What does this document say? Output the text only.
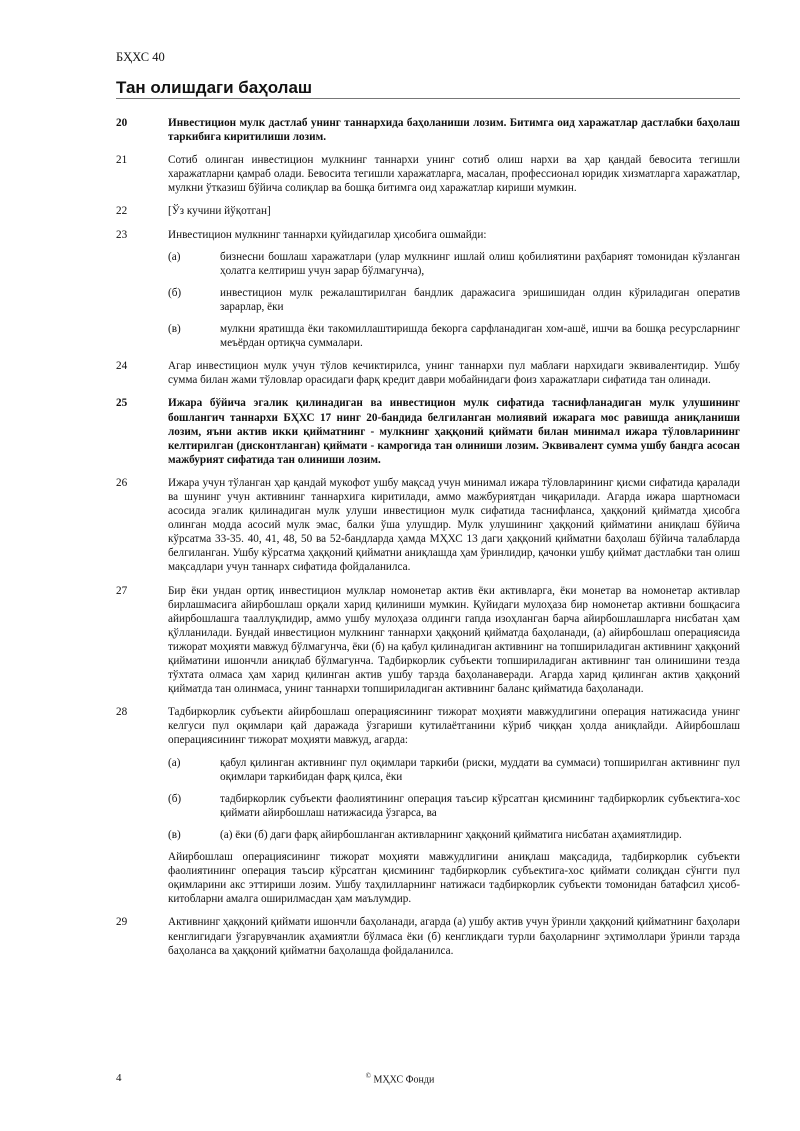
БҲХС 40
Тан олишдаги баҳолаш
20	Инвестицион мулк дастлаб унинг таннархида баҳоланиши лозим. Битимга оид харажатлар дастлабки баҳолаш таркибига киритилиши лозим.
21	Сотиб олинган инвестицион мулкнинг таннархи унинг сотиб олиш нархи ва ҳар қандай бевосита тегишли харажатларни қамраб олади. Бевосита тегишли харажатларга, масалан, профессионал юридик хизматларга харажатлар, мулкни ўтказиш бўйича солиқлар ва бошқа битимга оид харажатлар кириши мумкин.
22	[Ўз кучини йўқотган]
23	Инвестицион мулкнинг таннархи қуйидагилар ҳисобига ошмайди:
(а)	бизнесни бошлаш харажатлари (улар мулкнинг ишлай олиш қобилиятини раҳбарият томонидан кўзланган ҳолатга келтириш учун зарар бўлмагунча),
(б)	инвестицион мулк режалаштирилган бандлик даражасига эришишидан олдин кўриладиган оператив зарарлар, ёки
(в)	мулкни яратишда ёки такомиллаштиришда бекорга сарфланадиган хом-ашё, ишчи ва бошқа ресурсларнинг меъёрдан ортиқча суммалари.
24	Агар инвестицион мулк учун тўлов кечиктирилса, унинг таннархи пул маблағи нархидаги эквивалентидир. Ушбу сумма билан жами тўловлар орасидаги фарқ кредит даври мобайнидаги фоиз харажатлари сифатида тан олинади.
25	Ижара бўйича эгалик қилинадиган ва инвестицион мулк сифатида таснифланадиган мулк улушининг бошлангич таннархи БҲХС 17 нинг 20-бандида белгиланган молиявий ижарага мос равишда аниқланиши лозим, яъни актив икки қийматнинг - мулкнинг ҳаққоний қиймати билан минимал ижара тўловларининг келтирилган (дисконтланган) қиймати - камрогида тан олиниши лозим. Эквивалент сумма ушбу бандга асосан мажбурият сифатида тан олиниши лозим.
26	Ижара учун тўланган ҳар қандай мукофот ушбу мақсад учун минимал ижара тўловларининг қисми сифатида қаралади ва шунинг учун активнинг таннархига киритилади, аммо мажбуриятдан чиқарилади. Агарда ижара шартномаси асосида эгалик қилинадиган мулк улуши инвестицион мулк сифатида таснифланса, ҳаққоний қийматда ҳисобга олинган модда асосий мулк эмас, балки ўша улушдир. Мулк улушининг ҳаққоний қийматини аниқлаш бўйича кўрсатма 33-35. 40, 41, 48, 50 ва 52-бандларда ҳамда МҲХС 13 даги ҳаққоний қийматни баҳолаш бўйича талабларда белгиланган. Ушбу кўрсатма ҳаққоний қийматни аниқлашда ҳам ўринлидир, қачонки ушбу қиймат дастлабки тан олиш мақсадлари учун таннарх сифатида фойдаланилса.
27	Бир ёки ундан ортиқ инвестицион мулклар номонетар актив ёки активларга, ёки монетар ва номонетар активлар бирлашмасига айирбошлаш орқали харид қилиниши мумкин. Қуйидаги мулоҳаза бир номонетар активни бошқасига айирбошлашга тааллуқлидир, аммо ушбу мулоҳаза олдинги гапда изоҳланган барча айирбошлашларга нисбатан ҳам қўлланилади. Бундай инвестицион мулкнинг таннархи ҳаққоний қийматда баҳоланади, (а) айирбошлаш операциясида тижорат моҳияти мавжуд бўлмагунча, ёки (б) на қабул қилинадиган активнинг на топшириладиган активнинг ҳаққоний қийматини ишончли аниқлаб бўлмагунча. Тадбиркорлик субъекти топшириладиган активнинг тан олинишини тезда тўхтата олмаса ҳам харид қилинган актив ушбу тарзда баҳоланаверади. Агарда харид қилинган актив ҳаққоний қийматда тан олинмаса, унинг таннархи топшириладиган активнинг баланс қийматида баҳоланади.
28	Тадбиркорлик субъекти айирбошлаш операциясининг тижорат моҳияти мавжудлигини операция натижасида унинг келгуси пул оқимлари қай даражада ўзгариши кутилаётганини кўриб чиққан ҳолда аниқлайди. Айирбошлаш операциясининг тижорат моҳияти мавжуд, агарда:
(а)	қабул қилинган активнинг пул оқимлари таркиби (риски, муддати ва суммаси) топширилган активнинг пул оқимлари таркибидан фарқ қилса, ёки
(б)	тадбиркорлик субъекти фаолиятининг операция таъсир кўрсатган қисмининг тадбиркорлик субъектига-хос қиймати айирбошлаш натижасида ўзгарса, ва
(в)	(а) ёки (б) даги фарқ айирбошланган активларнинг ҳаққоний қийматига нисбатан аҳамиятлидир.
Айирбошлаш операциясининг тижорат моҳияти мавжудлигини аниқлаш мақсадида, тадбиркорлик субъекти фаолиятининг операция таъсир кўрсатган қисмининг тадбиркорлик субъектига-хос қиймати солиқдан сўнгги пул оқимларини акс эттириши лозим. Ушбу таҳлилларнинг натижаси тадбиркорлик субъекти томонидан батафсил ҳисоб-китобларни амалга оширилмасдан ҳам маълумдир.
29	Активнинг ҳаққоний қиймати ишончли баҳоланади, агарда (а) ушбу актив учун ўринли ҳаққоний қийматнинг баҳолари кенглигидаги ўзгарувчанлик аҳамиятли бўлмаса ёки (б) кенгликдаги турли баҳоларнинг эҳтимоллари ўринли тарзда баҳоланса ва ҳаққоний қийматни баҳолашда фойдаланилса.
4	© МҲХС Фонди
